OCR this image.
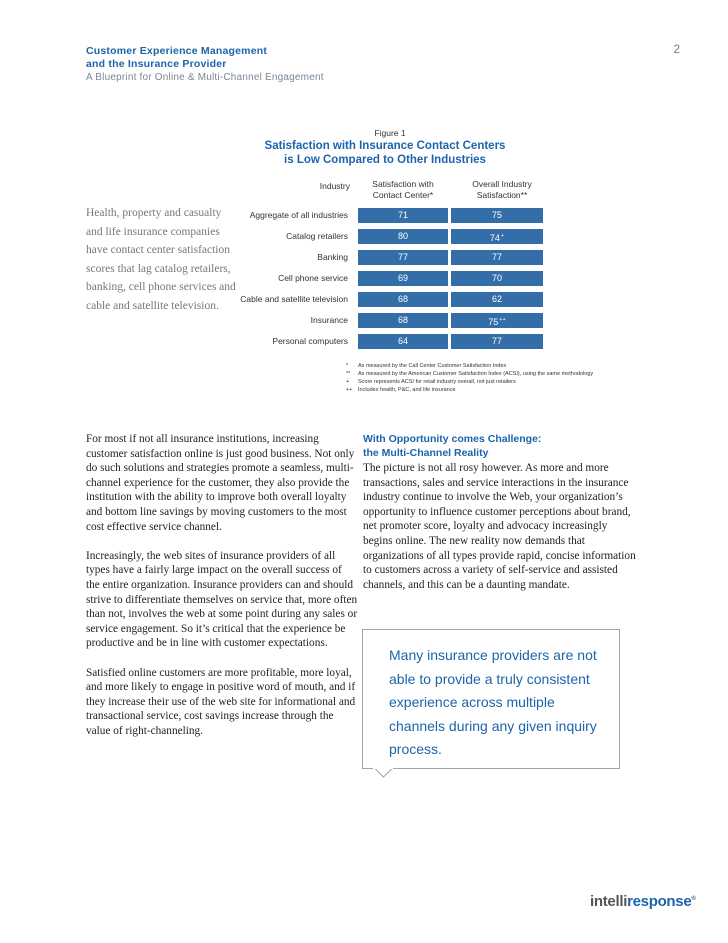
2
Customer Experience Management
and the Insurance Provider
A Blueprint for Online & Multi-Channel Engagement
Figure 1
Satisfaction with Insurance Contact Centers
is Low Compared to Other Industries
Industry	Satisfaction with
Contact Center*
Overall Industry
Satisfaction**
Aggregate of all industries	71	75
Catalog retailers	80	74+
Banking	77	77
Cell phone service	69	70
Cable and satellite television	68	62
Insurance	68	75++
Personal computers	64	77
* As measured by the Call Center Customer Satisfaction Index
** As measured by the American Customer Satisfaction Index (ACSI), using the same methodology
+ Score represents ACSI for retail industry overall, not just retailers
++ Includes health, P&C, and life insurance
Health, property and casualty and life insurance companies have contact center satisfaction scores that lag catalog retailers, banking, cell phone services and cable and satellite television.

For most if not all insurance institutions, increasing customer satisfaction online is just good business. Not only do such solutions and strategies promote a seamless, multi-channel experience for the customer, they also provide the institution with the ability to improve both overall loyalty and bottom line savings by moving customers to the most cost effective service channel.

Increasingly, the web sites of insurance providers of all types have a fairly large impact on the overall success of the entire organization. Insurance providers can and should strive to differentiate themselves on service that, more often than not, involves the web at some point during any sales or service engagement. So it’s critical that the experience be productive and be in line with customer expectations.

Satisfied online customers are more profitable, more loyal, and more likely to engage in positive word of mouth, and if they increase their use of the web site for informational and transactional service, cost savings increase through the value of right-channeling.

With Opportunity comes Challenge:
the Multi-Channel Reality

The picture is not all rosy however. As more and more transactions, sales and service interactions in the insurance industry continue to involve the Web, your organization’s opportunity to influence customer perceptions about brand, net promoter score, loyalty and advocacy increasingly begins online. The new reality now demands that organizations of all types provide rapid, concise information to customers across a variety of self-service and assisted channels, and this can be a daunting mandate.

Many insurance providers are not able to provide a truly consistent experience across multiple channels during any given inquiry process.
intelliresponse®
